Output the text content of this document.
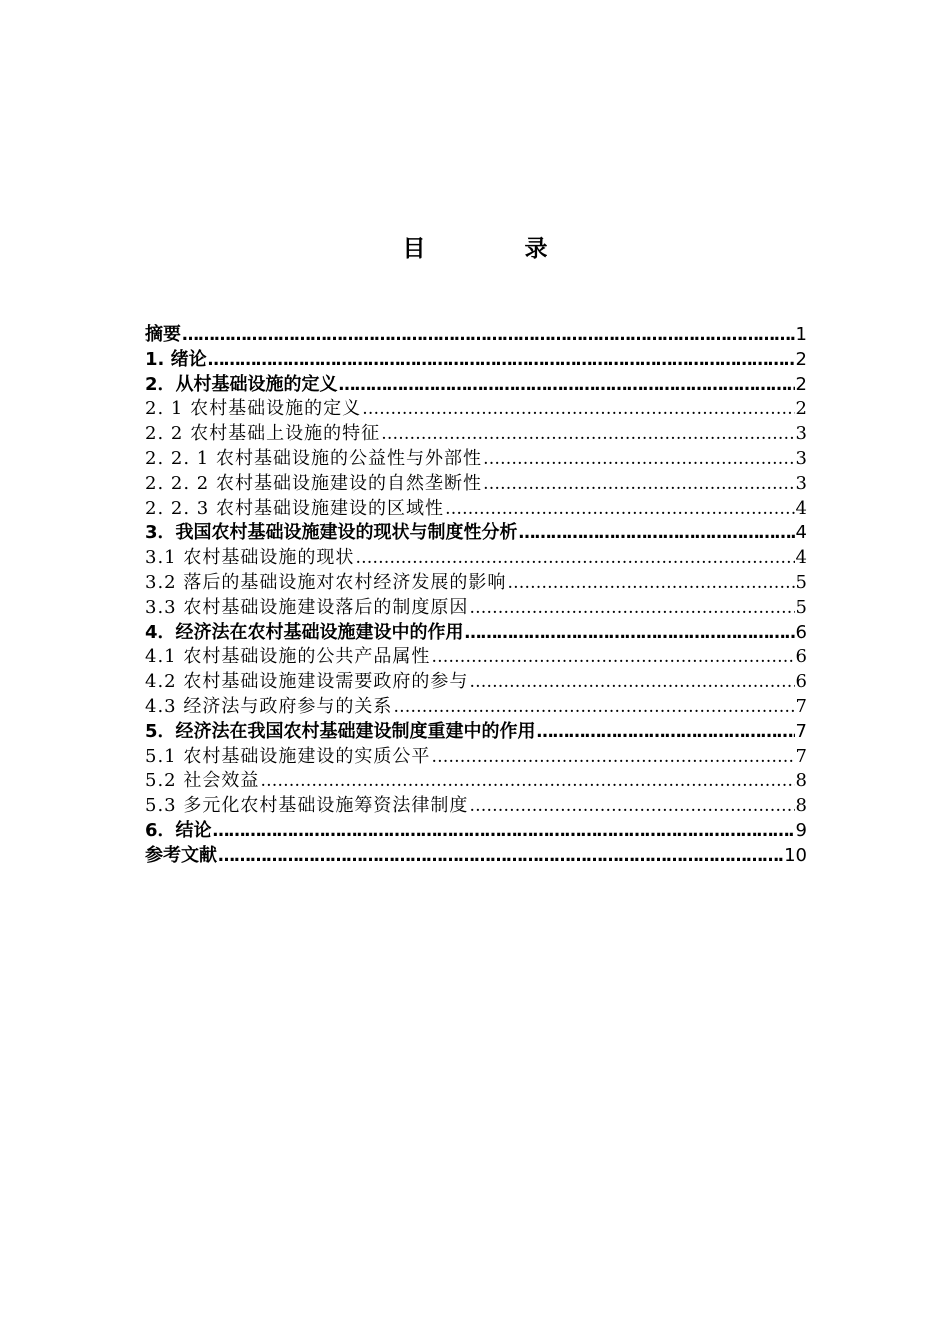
目　录
摘要 …………………………………………………………………………………………………………………………………………………………………………	1
1. 绪论 …………………………………………………………………………………………………………………………………………………………………………	2
2．从村基础设施的定义 …………………………………………………………………………………………………………………………………………………………………………	2
2. 1 农村基础设施的定义 …………………………………………………………………………………………………………………………………………………………………………	2
2. 2 农村基础上设施的特征 …………………………………………………………………………………………………………………………………………………………………………	3
2. 2. 1 农村基础设施的公益性与外部性 …………………………………………………………………………………………………………………………………………………………………………	3
2. 2. 2 农村基础设施建设的自然垄断性 …………………………………………………………………………………………………………………………………………………………………………	3
2. 2. 3 农村基础设施建设的区域性 …………………………………………………………………………………………………………………………………………………………………………	4
3．我国农村基础设施建设的现状与制度性分析 …………………………………………………………………………………………………………………………………………………………………………	4
3.1 农村基础设施的现状 …………………………………………………………………………………………………………………………………………………………………………	4
3.2 落后的基础设施对农村经济发展的影响 …………………………………………………………………………………………………………………………………………………………………………	5
3.3 农村基础设施建设落后的制度原因 …………………………………………………………………………………………………………………………………………………………………………	5
4．经济法在农村基础设施建设中的作用 …………………………………………………………………………………………………………………………………………………………………………	6
4.1 农村基础设施的公共产品属性 …………………………………………………………………………………………………………………………………………………………………………	6
4.2 农村基础设施建设需要政府的参与 …………………………………………………………………………………………………………………………………………………………………………	6
4.3 经济法与政府参与的关系 …………………………………………………………………………………………………………………………………………………………………………	7
5．经济法在我国农村基础建设制度重建中的作用 …………………………………………………………………………………………………………………………………………………………………………	7
5.1 农村基础设施建设的实质公平 …………………………………………………………………………………………………………………………………………………………………………	7
5.2 社会效益 …………………………………………………………………………………………………………………………………………………………………………	8
5.3 多元化农村基础设施筹资法律制度 …………………………………………………………………………………………………………………………………………………………………………	8
6．结论 …………………………………………………………………………………………………………………………………………………………………………	9
参考文献 …………………………………………………………………………………………………………………………………………………………………………	10
